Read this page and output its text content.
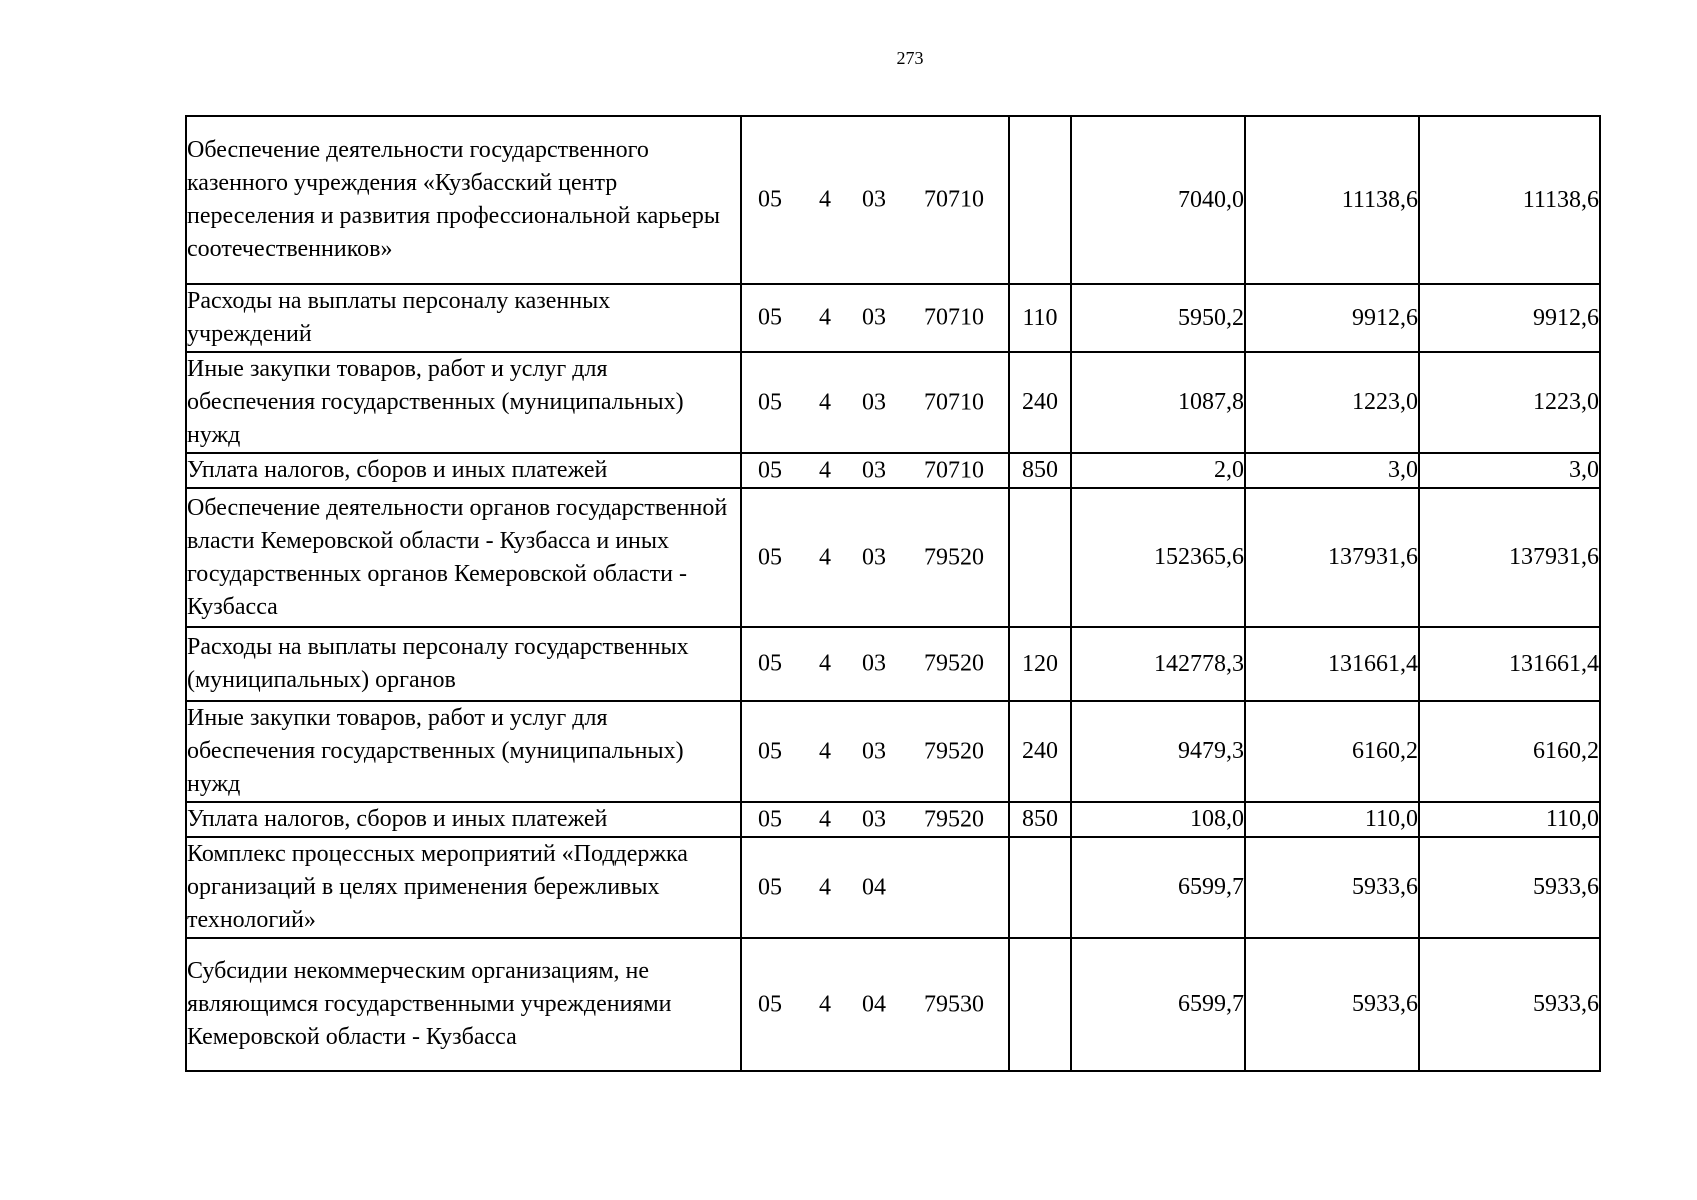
273
Обеспечение деятельности государственного казенного учреждения «Кузбасский центр переселения и развития профессиональной карьеры соотечественников»	05 4 03 70710		7040,0	11138,6	11138,6
Расходы на выплаты персоналу казенных учреждений	05 4 03 70710	110	5950,2	9912,6	9912,6
Иные закупки товаров, работ и услуг для обеспечения государственных (муниципальных) нужд	05 4 03 70710	240	1087,8	1223,0	1223,0
Уплата налогов, сборов и иных платежей	05 4 03 70710	850	2,0	3,0	3,0
Обеспечение деятельности органов государственной власти Кемеровской области - Кузбасса и иных государственных органов Кемеровской области - Кузбасса	05 4 03 79520		152365,6	137931,6	137931,6
Расходы на выплаты персоналу государственных (муниципальных) органов	05 4 03 79520	120	142778,3	131661,4	131661,4
Иные закупки товаров, работ и услуг для обеспечения государственных (муниципальных) нужд	05 4 03 79520	240	9479,3	6160,2	6160,2
Уплата налогов, сборов и иных платежей	05 4 03 79520	850	108,0	110,0	110,0
Комплекс процессных мероприятий «Поддержка организаций в целях применения бережливых технологий»	05 4 04		6599,7	5933,6	5933,6
Субсидии некоммерческим организациям, не являющимся государственными учреждениями Кемеровской области - Кузбасса	05 4 04 79530		6599,7	5933,6	5933,6
